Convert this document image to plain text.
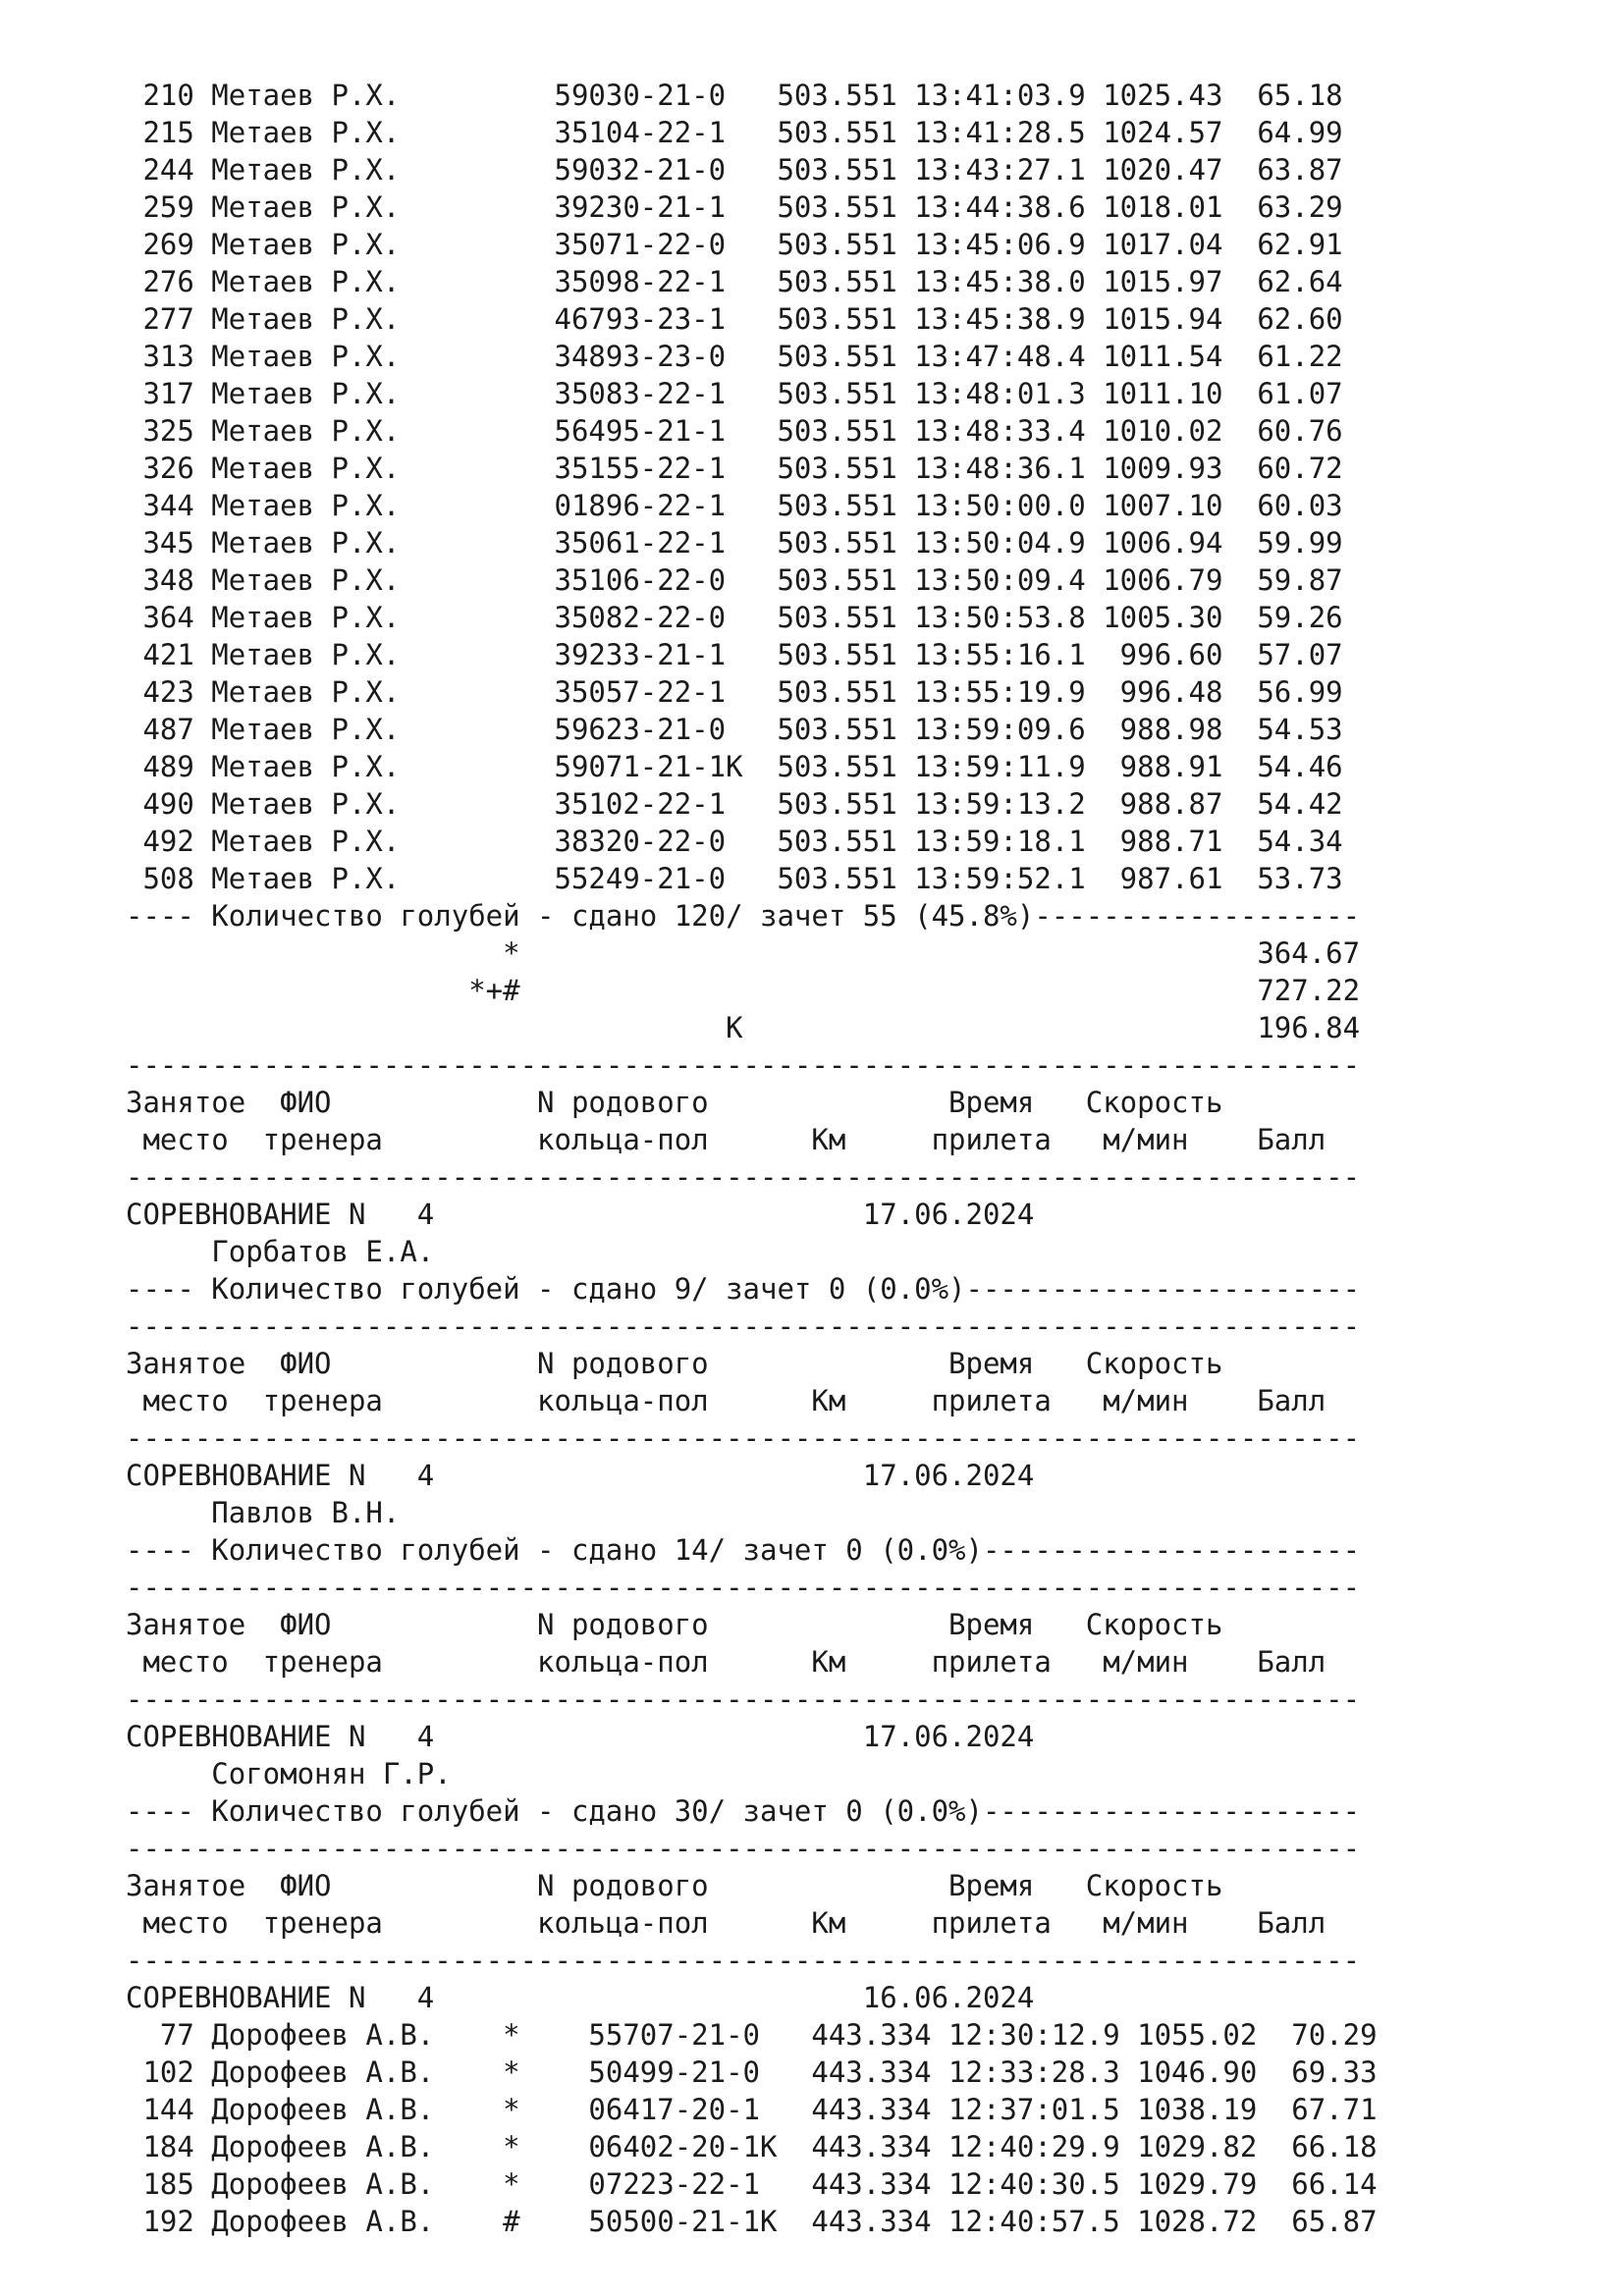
210 Метаев Р.Х.         59030-21-0   503.551 13:41:03.9 1025.43  65.18
215 Метаев Р.Х.         35104-22-1   503.551 13:41:28.5 1024.57  64.99
244 Метаев Р.Х.         59032-21-0   503.551 13:43:27.1 1020.47  63.87
259 Метаев Р.Х.         39230-21-1   503.551 13:44:38.6 1018.01  63.29
269 Метаев Р.Х.         35071-22-0   503.551 13:45:06.9 1017.04  62.91
276 Метаев Р.Х.         35098-22-1   503.551 13:45:38.0 1015.97  62.64
277 Метаев Р.Х.         46793-23-1   503.551 13:45:38.9 1015.94  62.60
313 Метаев Р.Х.         34893-23-0   503.551 13:47:48.4 1011.54  61.22
317 Метаев Р.Х.         35083-22-1   503.551 13:48:01.3 1011.10  61.07
325 Метаев Р.Х.         56495-21-1   503.551 13:48:33.4 1010.02  60.76
326 Метаев Р.Х.         35155-22-1   503.551 13:48:36.1 1009.93  60.72
344 Метаев Р.Х.         01896-22-1   503.551 13:50:00.0 1007.10  60.03
345 Метаев Р.Х.         35061-22-1   503.551 13:50:04.9 1006.94  59.99
348 Метаев Р.Х.         35106-22-0   503.551 13:50:09.4 1006.79  59.87
364 Метаев Р.Х.         35082-22-0   503.551 13:50:53.8 1005.30  59.26
421 Метаев Р.Х.         39233-21-1   503.551 13:55:16.1  996.60  57.07
423 Метаев Р.Х.         35057-22-1   503.551 13:55:19.9  996.48  56.99
487 Метаев Р.Х.         59623-21-0   503.551 13:59:09.6  988.98  54.53
489 Метаев Р.Х.         59071-21-1К  503.551 13:59:11.9  988.91  54.46
490 Метаев Р.Х.         35102-22-1   503.551 13:59:13.2  988.87  54.42
492 Метаев Р.Х.         38320-22-0   503.551 13:59:18.1  988.71  54.34
508 Метаев Р.Х.         55249-21-0   503.551 13:59:52.1  987.61  53.73
---- Количество голубей - сдано 120/ зачет 55 (45.8%)-------------------
*                                           364.67
*+#                                           727.22
К                              196.84
------------------------------------------------------------------------
Занятое  ФИО            N родового              Время   Скорость
место  тренера         кольца-пол      Км     прилета   м/мин    Балл
------------------------------------------------------------------------
СОРЕВНОВАНИЕ N   4                         17.06.2024
Горбатов Е.А.
---- Количество голубей - сдано 9/ зачет 0 (0.0%)-----------------------
------------------------------------------------------------------------
Занятое  ФИО            N родового              Время   Скорость
место  тренера         кольца-пол      Км     прилета   м/мин    Балл
------------------------------------------------------------------------
СОРЕВНОВАНИЕ N   4                         17.06.2024
Павлов В.Н.
---- Количество голубей - сдано 14/ зачет 0 (0.0%)----------------------
------------------------------------------------------------------------
Занятое  ФИО            N родового              Время   Скорость
место  тренера         кольца-пол      Км     прилета   м/мин    Балл
------------------------------------------------------------------------
СОРЕВНОВАНИЕ N   4                         17.06.2024
Согомонян Г.Р.
---- Количество голубей - сдано 30/ зачет 0 (0.0%)----------------------
------------------------------------------------------------------------
Занятое  ФИО            N родового              Время   Скорость
место  тренера         кольца-пол      Км     прилета   м/мин    Балл
------------------------------------------------------------------------
СОРЕВНОВАНИЕ N   4                         16.06.2024
77 Дорофеев А.В.    *    55707-21-0   443.334 12:30:12.9 1055.02  70.29
102 Дорофеев А.В.    *    50499-21-0   443.334 12:33:28.3 1046.90  69.33
144 Дорофеев А.В.    *    06417-20-1   443.334 12:37:01.5 1038.19  67.71
184 Дорофеев А.В.    *    06402-20-1К  443.334 12:40:29.9 1029.82  66.18
185 Дорофеев А.В.    *    07223-22-1   443.334 12:40:30.5 1029.79  66.14
192 Дорофеев А.В.    #    50500-21-1К  443.334 12:40:57.5 1028.72  65.87
